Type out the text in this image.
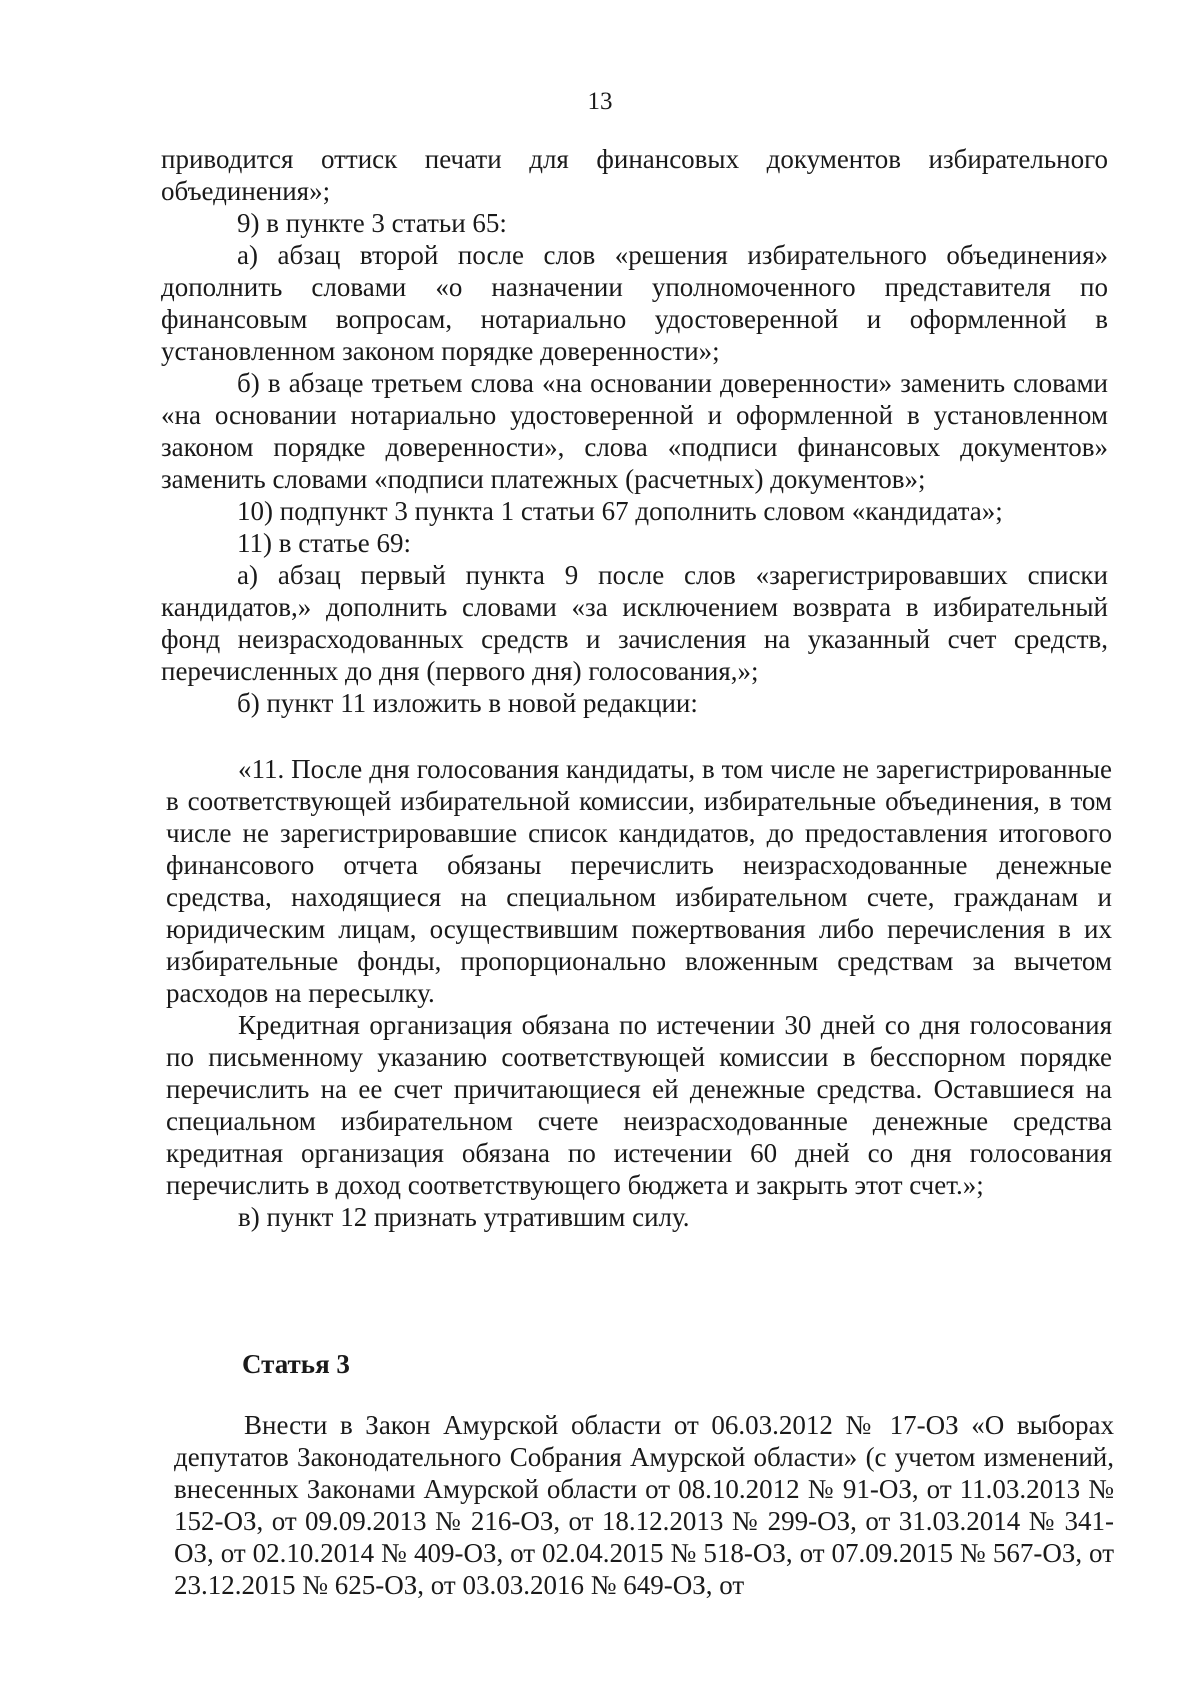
13

приводится оттиск печати для финансовых документов избирательного объединения»;

9) в пункте 3 статьи 65:

а) абзац второй после слов «решения избирательного объединения» дополнить словами «о назначении уполномоченного представителя по финансовым вопросам, нотариально удостоверенной и оформленной в установленном законом порядке доверенности»;

б) в абзаце третьем слова «на основании доверенности» заменить словами «на основании нотариально удостоверенной и оформленной в установленном законом порядке доверенности», слова «подписи финансовых документов» заменить словами «подписи платежных (расчетных) документов»;

10) подпункт 3 пункта 1 статьи 67 дополнить словом «кандидата»;

11) в статье 69:

а) абзац первый пункта 9 после слов «зарегистрировавших списки кандидатов,» дополнить словами «за исключением возврата в избирательный фонд неизрасходованных средств и зачисления на указанный счет средств, перечисленных до дня (первого дня) голосования,»;

б) пункт 11 изложить в новой редакции:

«11. После дня голосования кандидаты, в том числе не зарегистрированные в соответствующей избирательной комиссии, избирательные объединения, в том числе не зарегистрировавшие список кандидатов, до предоставления итогового финансового отчета обязаны перечислить неизрасходованные денежные средства, находящиеся на специальном избирательном счете, гражданам и юридическим лицам, осуществившим пожертвования либо перечисления в их избирательные фонды, пропорционально вложенным средствам за вычетом расходов на пересылку.

Кредитная организация обязана по истечении 30 дней со дня голосования по письменному указанию соответствующей комиссии в бесспорном порядке перечислить на ее счет причитающиеся ей денежные средства. Оставшиеся на специальном избирательном счете неизрасходованные денежные средства кредитная организация обязана по истечении 60 дней со дня голосования перечислить в доход соответствующего бюджета и закрыть этот счет.»;

в) пункт 12 признать утратившим силу.

Статья 3

Внести в Закон Амурской области от 06.03.2012 № 17-ОЗ «О выборах депутатов Законодательного Собрания Амурской области» (с учетом изменений, внесенных Законами Амурской области от 08.10.2012 № 91-ОЗ, от 11.03.2013 № 152-ОЗ, от 09.09.2013 № 216-ОЗ, от 18.12.2013 № 299-ОЗ, от 31.03.2014 № 341-ОЗ, от 02.10.2014 № 409-ОЗ, от 02.04.2015 № 518-ОЗ, от 07.09.2015 № 567-ОЗ, от 23.12.2015 № 625-ОЗ, от 03.03.2016 № 649-ОЗ, от
